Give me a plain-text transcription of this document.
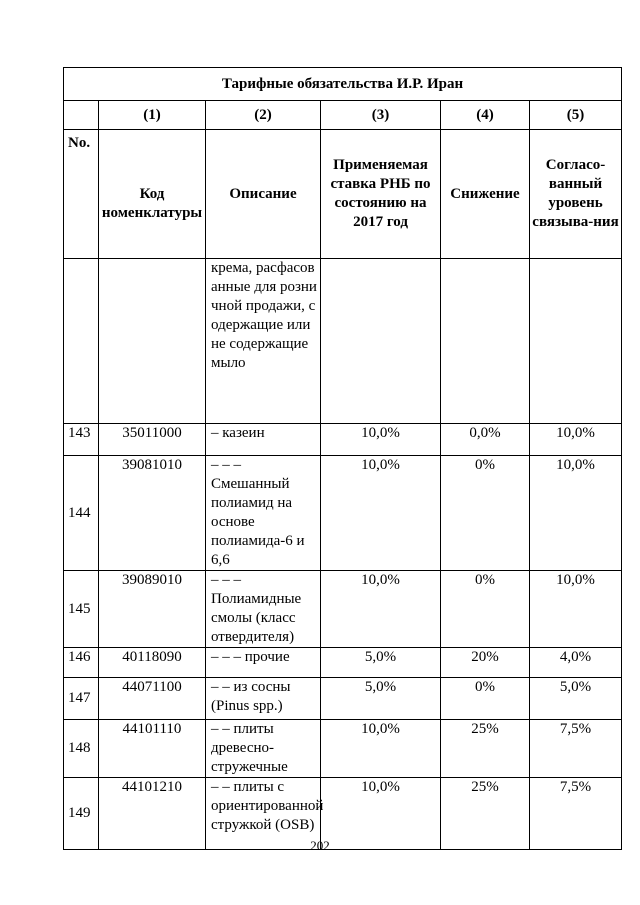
Тарифные обязательства И.Р. Иран					
	(1)	(2)	(3)	(4)	(5)
No.	Код номенклатуры	Описание	Применяемая ставка РНБ по состоянию на 2017 год	Снижение	Согласо-ванный уровень связыва-ния
		крема, расфасованные для розничной продажи, содержащие или не содержащие мыло			
143	35011000	– казеин	10,0%	0,0%	10,0%
144	39081010	– – – Смешанный полиамид на основе полиамида-6 и 6,6	10,0%	0%	10,0%
145	39089010	– – – Полиамидные смолы (класс отвердителя)	10,0%	0%	10,0%
146	40118090	– – – прочие	5,0%	20%	4,0%
147	44071100	– – из сосны (Pinus spp.)	5,0%	0%	5,0%
148	44101110	– – плиты древесно-стружечные	10,0%	25%	7,5%
149	44101210	– – плиты с ориентированной стружкой (OSB)	10,0%	25%	7,5%
202
